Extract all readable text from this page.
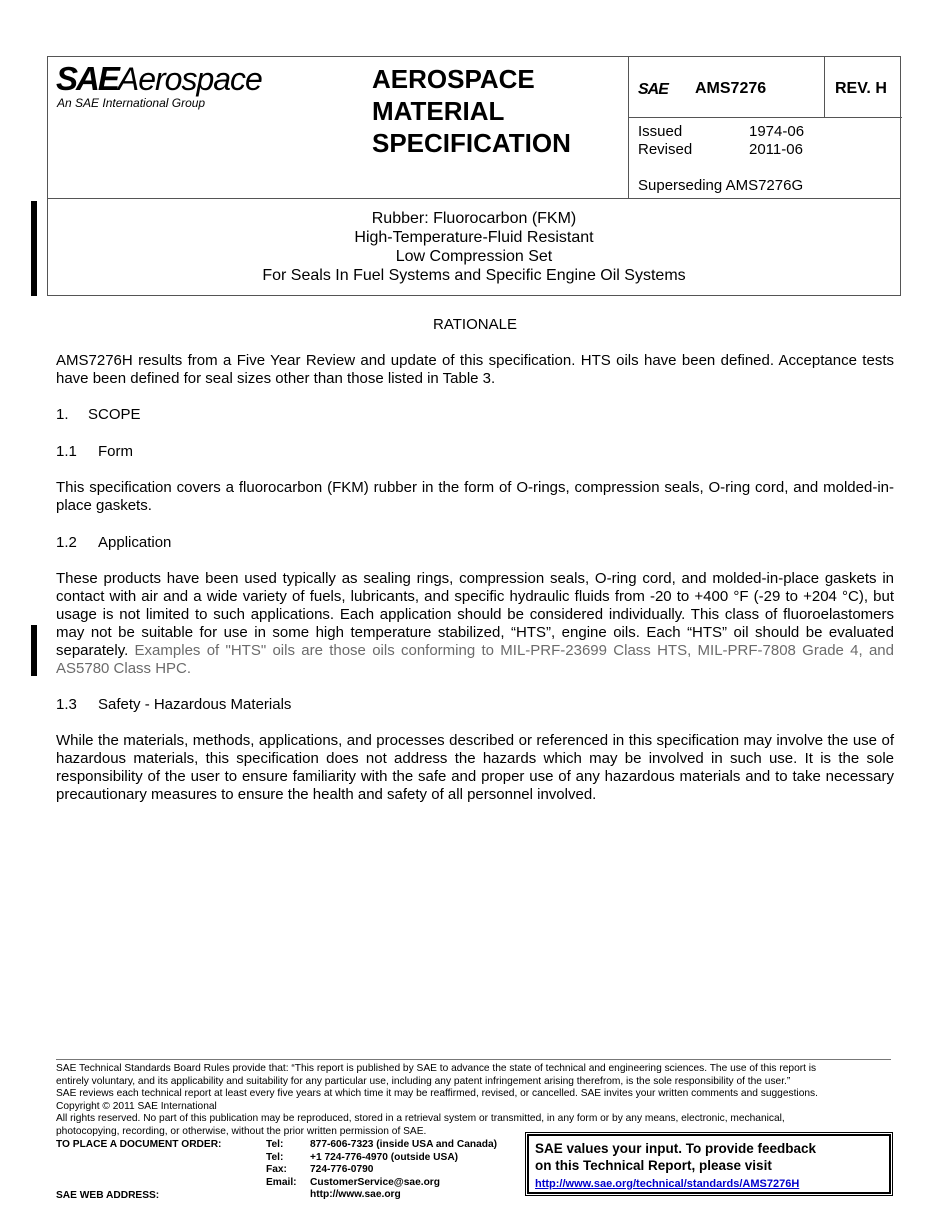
SAEAerospace
An SAE International Group
AEROSPACE
MATERIAL
SPECIFICATION
SAE AMS7276	REV. H
Issued	1974-06
Revised	2011-06
Superseding AMS7276G
Rubber: Fluorocarbon (FKM)
High-Temperature-Fluid Resistant
Low Compression Set
For Seals In Fuel Systems and Specific Engine Oil Systems
RATIONALE
AMS7276H results from a Five Year Review and update of this specification. HTS oils have been defined. Acceptance tests have been defined for seal sizes other than those listed in Table 3.
1. SCOPE
1.1 Form
This specification covers a fluorocarbon (FKM) rubber in the form of O-rings, compression seals, O-ring cord, and molded-in-place gaskets.
1.2 Application
These products have been used typically as sealing rings, compression seals, O-ring cord, and molded-in-place gaskets in contact with air and a wide variety of fuels, lubricants, and specific hydraulic fluids from -20 to +400 °F (-29 to +204 °C), but usage is not limited to such applications. Each application should be considered individually. This class of fluoroelastomers may not be suitable for use in some high temperature stabilized, “HTS”, engine oils. Each “HTS” oil should be evaluated separately. Examples of "HTS" oils are those oils conforming to MIL-PRF-23699 Class HTS, MIL-PRF-7808 Grade 4, and AS5780 Class HPC.
1.3 Safety - Hazardous Materials
While the materials, methods, applications, and processes described or referenced in this specification may involve the use of hazardous materials, this specification does not address the hazards which may be involved in such use. It is the sole responsibility of the user to ensure familiarity with the safe and proper use of any hazardous materials and to take necessary precautionary measures to ensure the health and safety of all personnel involved.
SAE Technical Standards Board Rules provide that: “This report is published by SAE to advance the state of technical and engineering sciences. The use of this report is
entirely voluntary, and its applicability and suitability for any particular use, including any patent infringement arising therefrom, is the sole responsibility of the user.”
SAE reviews each technical report at least every five years at which time it may be reaffirmed, revised, or cancelled. SAE invites your written comments and suggestions.
Copyright © 2011 SAE International
All rights reserved. No part of this publication may be reproduced, stored in a retrieval system or transmitted, in any form or by any means, electronic, mechanical,
photocopying, recording, or otherwise, without the prior written permission of SAE.
TO PLACE A DOCUMENT ORDER:
SAE WEB ADDRESS:
Tel:	877-606-7323 (inside USA and Canada)
Tel:	+1 724-776-4970 (outside USA)
Fax: 724-776-0790
Email: CustomerService@sae.org
http://www.sae.org
SAE values your input. To provide feedback
on this Technical Report, please visit
http://www.sae.org/technical/standards/AMS7276H
